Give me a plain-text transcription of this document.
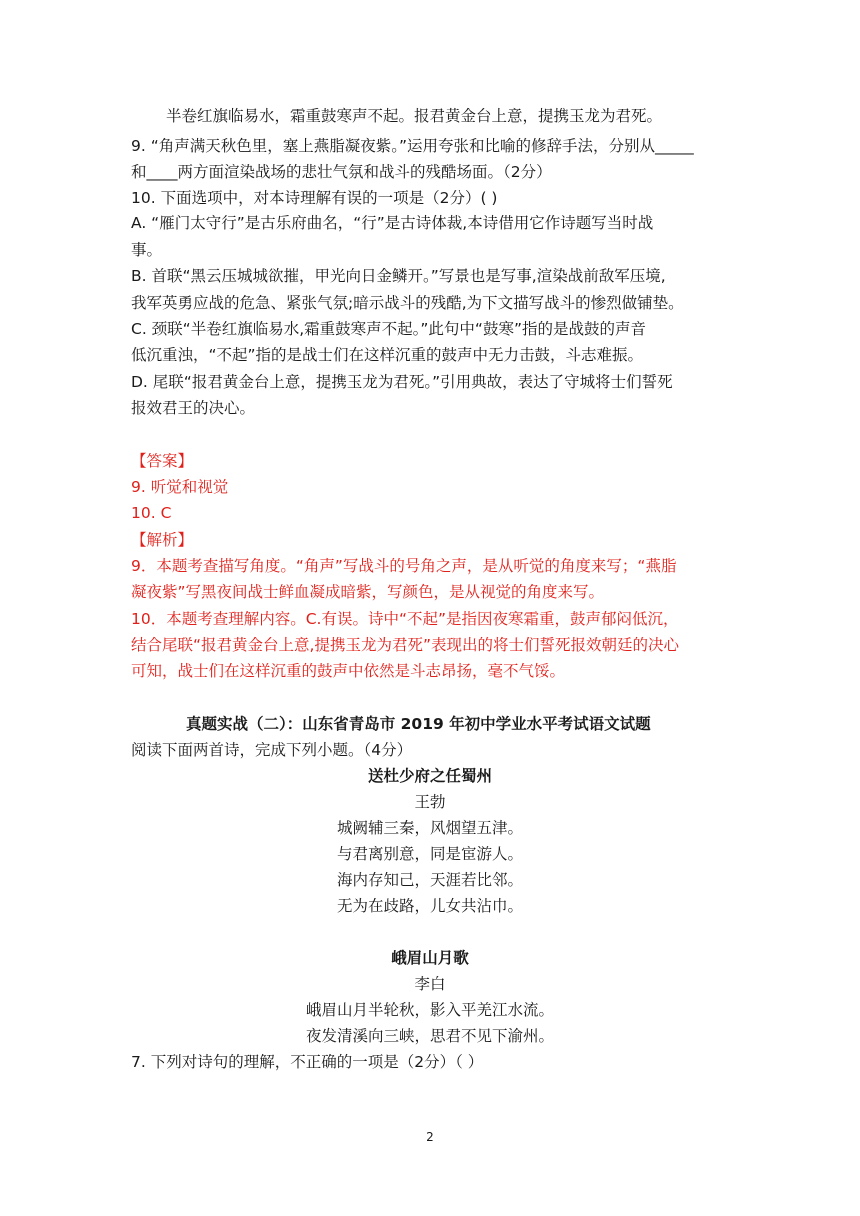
半卷红旗临易水，霜重鼓寒声不起。报君黄金台上意，提携玉龙为君死。
9. “角声满天秋色里，塞上燕脂凝夜紫。”运用夸张和比喻的修辞手法，分别从_____
和____两方面渲染战场的悲壮气氛和战斗的残酷场面。（2分）
10. 下面选项中，对本诗理解有误的一项是（2分）( )
A. “雁门太守行”是古乐府曲名，“行”是古诗体裁,本诗借用它作诗题写当时战
事。
B. 首联“黑云压城城欲摧，甲光向日金鳞开。”写景也是写事,渲染战前敌军压境,
我军英勇应战的危急、紧张气氛;暗示战斗的残酷,为下文描写战斗的惨烈做铺垫。
C. 颈联“半卷红旗临易水,霜重鼓寒声不起。”此句中“鼓寒”指的是战鼓的声音
低沉重浊，“不起”指的是战士们在这样沉重的鼓声中无力击鼓，斗志难振。
D. 尾联“报君黄金台上意，提携玉龙为君死。”引用典故，表达了守城将士们誓死
报效君王的决心。
【答案】
9. 听觉和视觉
10. C
【解析】
9．本题考查描写角度。“角声”写战斗的号角之声，是从听觉的角度来写；“燕脂
凝夜紫”写黑夜间战士鲜血凝成暗紫，写颜色，是从视觉的角度来写。
10．本题考查理解内容。C.有误。诗中“不起”是指因夜寒霜重，鼓声郁闷低沉，
结合尾联“报君黄金台上意,提携玉龙为君死”表现出的将士们誓死报效朝廷的决心
可知，战士们在这样沉重的鼓声中依然是斗志昂扬，毫不气馁。
真题实战（二）：山东省青岛市 2019 年初中学业水平考试语文试题
阅读下面两首诗，完成下列小题。（4分）
送杜少府之任蜀州
王勃
城阙辅三秦，风烟望五津。
与君离别意，同是宦游人。
海内存知己，天涯若比邻。
无为在歧路，儿女共沾巾。
峨眉山月歌
李白
峨眉山月半轮秋，影入平羌江水流。
夜发清溪向三峡，思君不见下渝州。
7. 下列对诗句的理解，不正确的一项是（2分）（ ）
2
